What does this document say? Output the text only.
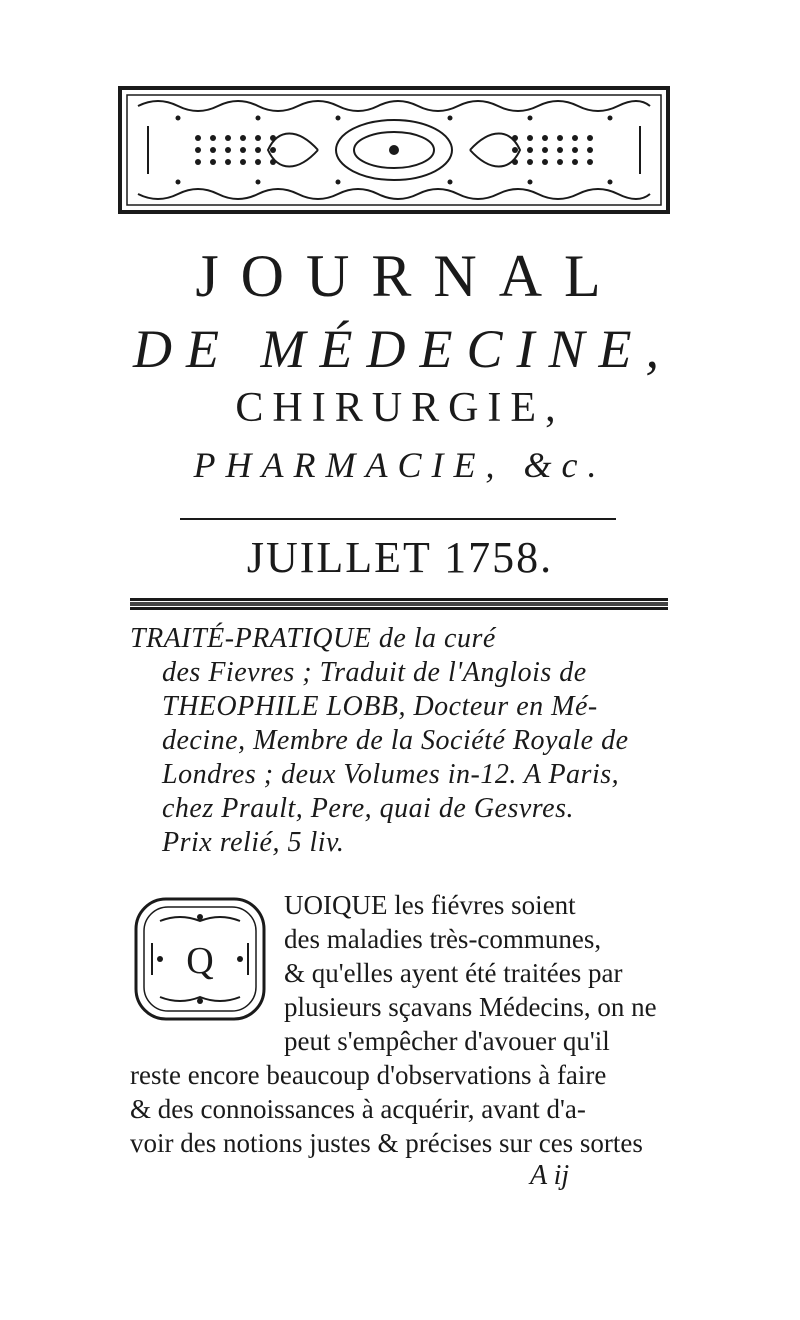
JOURNAL
DE MÉDECINE,
CHIRURGIE,
PHARMACIE, &c.
JUILLET 1758.
TRAITÉ-PRATIQUE de la curé
des Fievres ; Traduit de l'Anglois de
THEOPHILE LOBB, Docteur en Mé-
decine, Membre de la Société Royale de
Londres ; deux Volumes in-12. A Paris,
chez Prault, Pere, quai de Gesvres.
Prix relié, 5 liv.
Q
UOIQUE les fiévres soient
des maladies très-communes,
& qu'elles ayent été traitées par
plusieurs sçavans Médecins, on ne
peut s'empêcher d'avouer qu'il
reste encore beaucoup d'observations à faire
& des connoissances à acquérir, avant d'a-
voir des notions justes & précises sur ces sortes
A ij
